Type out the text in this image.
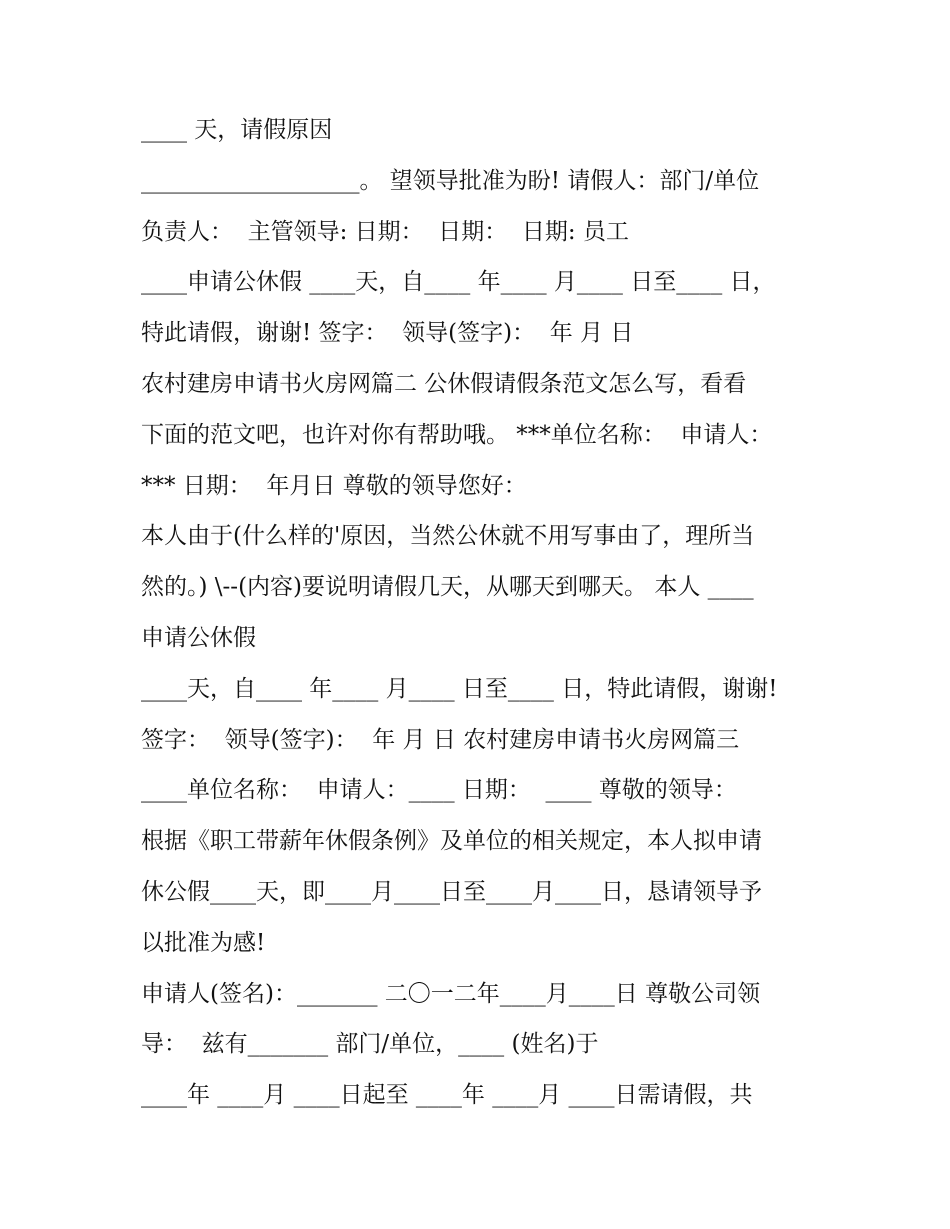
____ 天，请假原因
___________________。 望领导批准为盼! 请假人：部门/单位
负责人：  主管领导: 日期：  日期：  日期: 员工
____申请公休假 ____天，自____ 年____ 月____ 日至____ 日，
特此请假，谢谢! 签字：  领导(签字)：  年 月 日
农村建房申请书火房网篇二 公休假请假条范文怎么写，看看
下面的范文吧，也许对你有帮助哦。 ***单位名称：  申请人：
*** 日期：  年月日 尊敬的领导您好：
本人由于(什么样的'原因，当然公休就不用写事由了，理所当
然的。) \--(内容)要说明请假几天，从哪天到哪天。 本人 ____
申请公休假
____天，自____ 年____ 月____ 日至____ 日，特此请假，谢谢!
签字：  领导(签字)：  年 月 日 农村建房申请书火房网篇三
____单位名称：  申请人：____ 日期：  ____ 尊敬的领导：
根据《职工带薪年休假条例》及单位的相关规定，本人拟申请
休公假____天，即____月____日至____月____日，恳请领导予
以批准为感!
申请人(签名)：_______ 二〇一二年____月____日 尊敬公司领
导：  兹有_______ 部门/单位，____ (姓名)于
____年 ____月 ____日起至 ____年 ____月 ____日需请假，共
